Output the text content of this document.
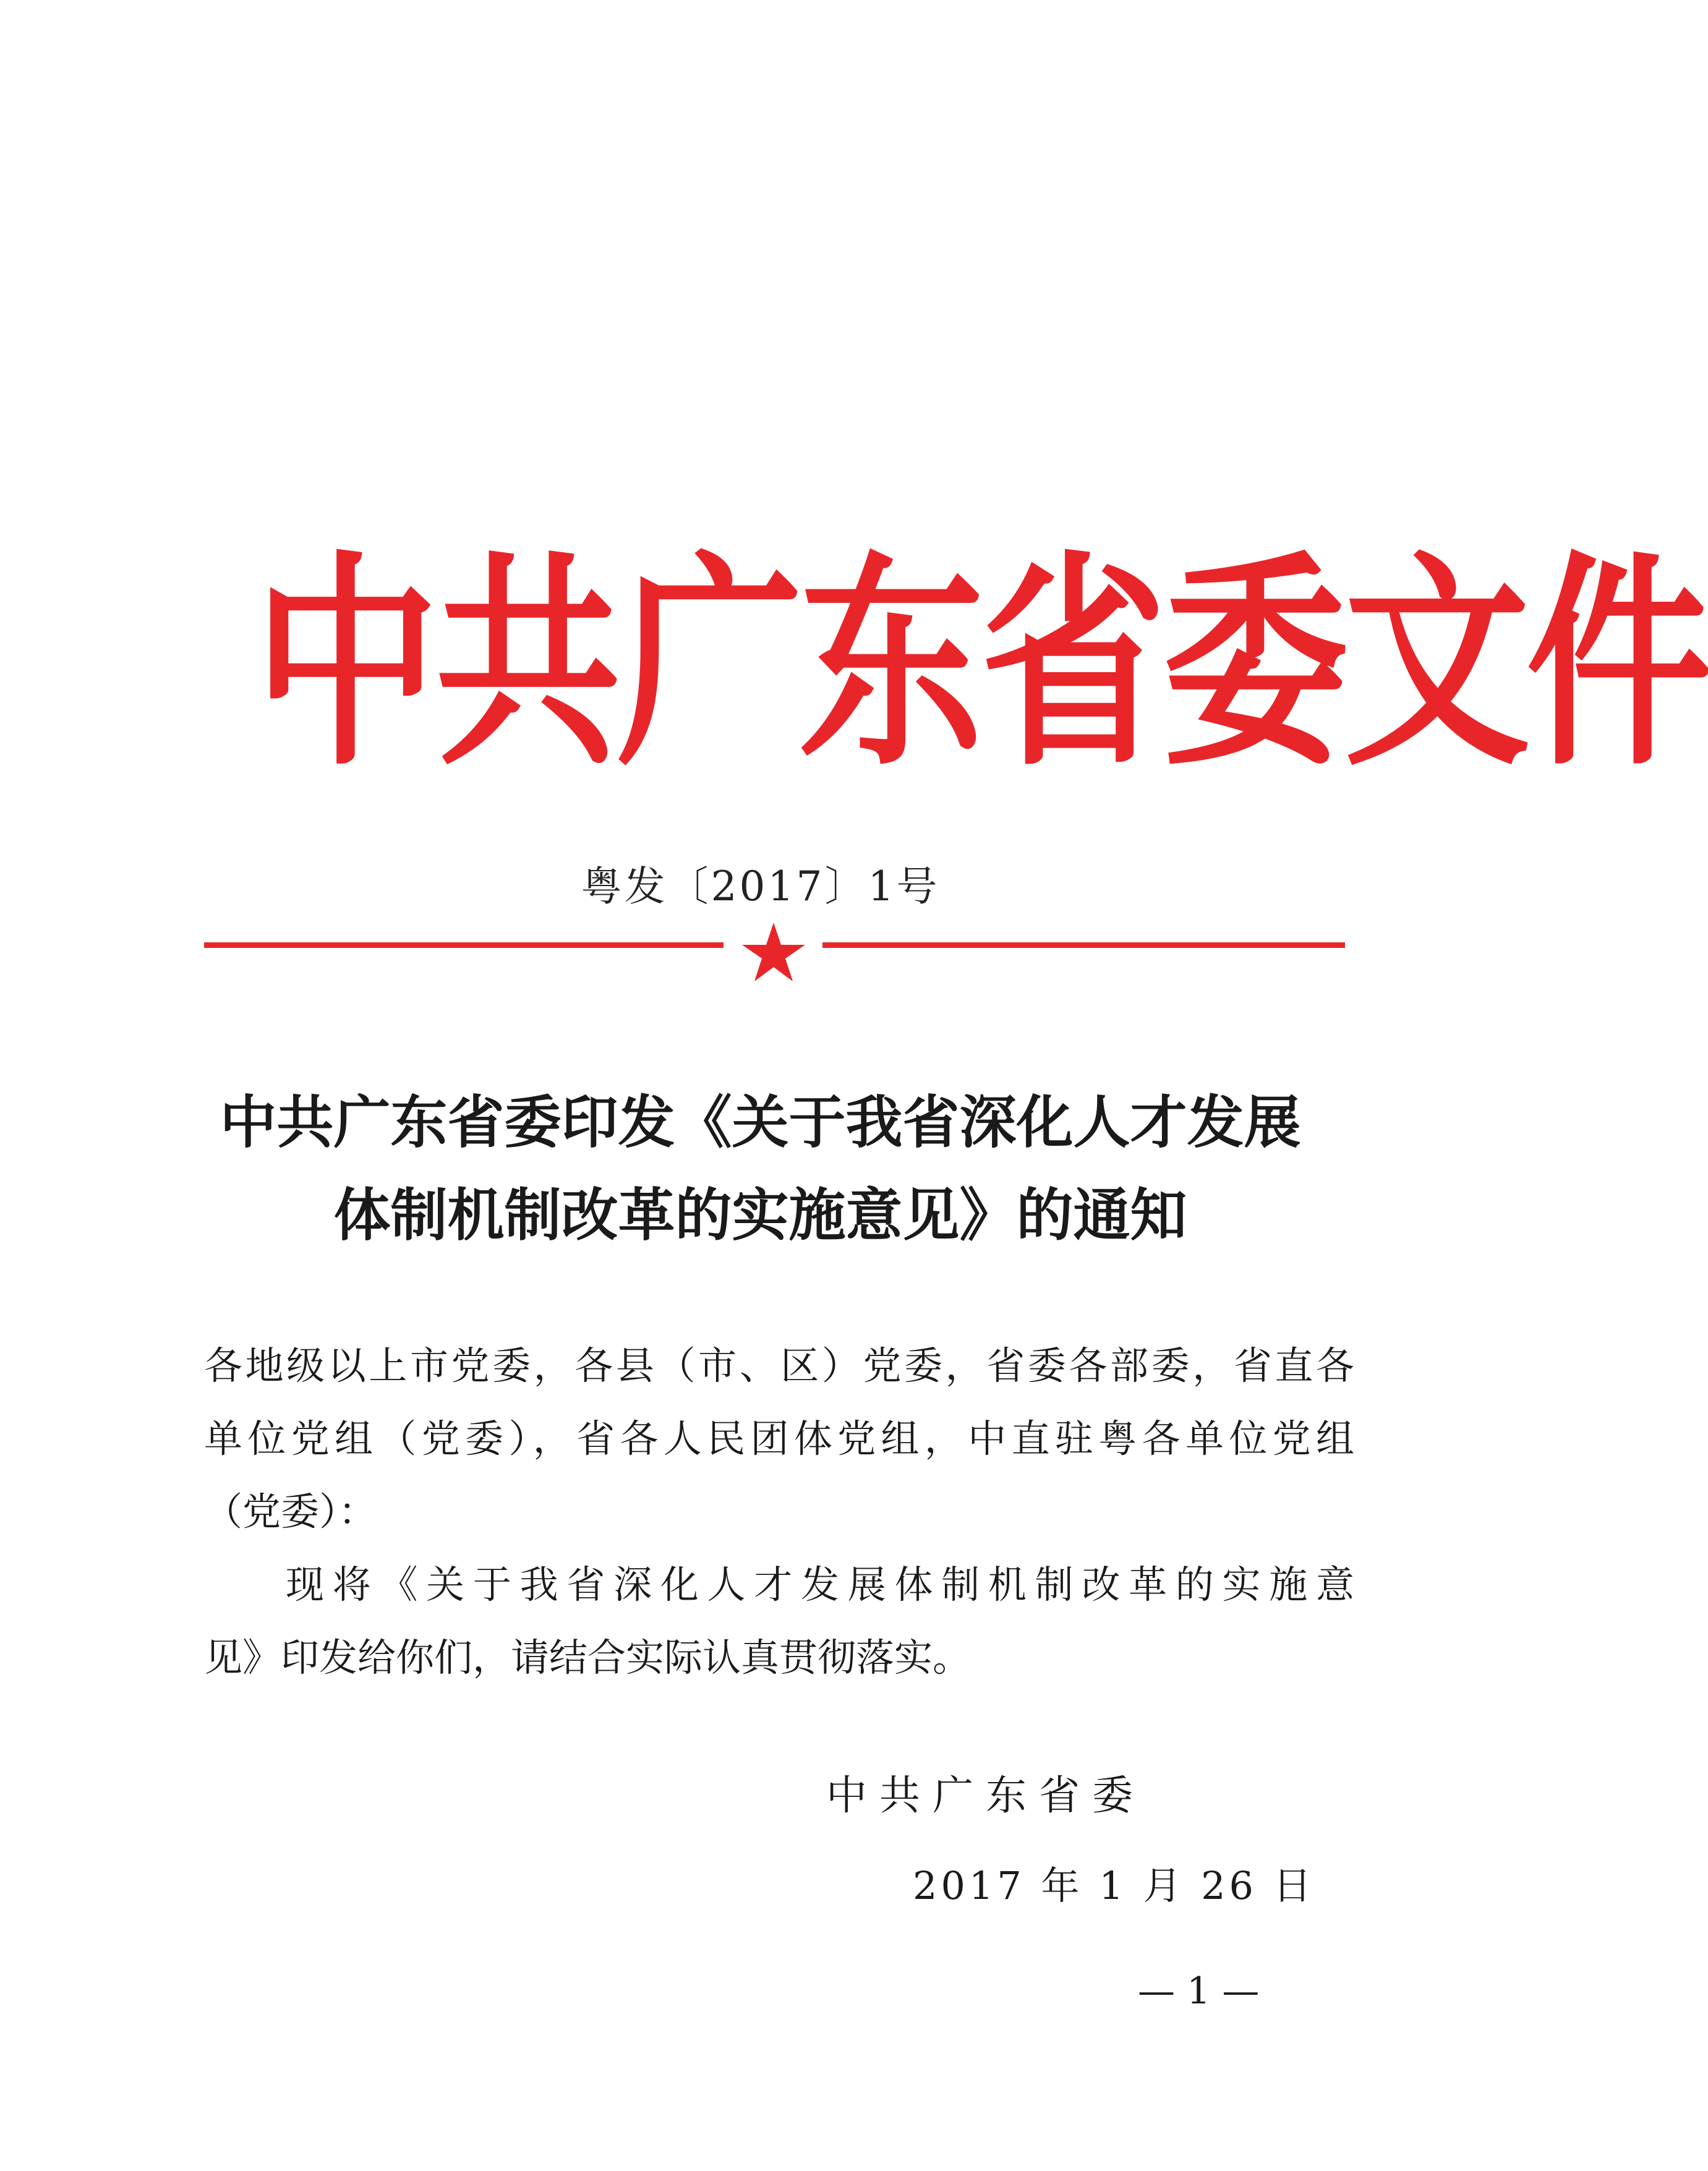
中共广东省委文件
粤发〔2017〕1号
中共广东省委印发《关于我省深化人才发展
体制机制改革的实施意见》的通知
各地级以上市党委，各县（市、区）党委，省委各部委，省直各
单位党组（党委），省各人民团体党组，中直驻粤各单位党组
（党委）：
现将《关于我省深化人才发展体制机制改革的实施意
见》印发给你们，请结合实际认真贯彻落实。
中共广东省委
2017 年 1 月 26 日
— 1 —
